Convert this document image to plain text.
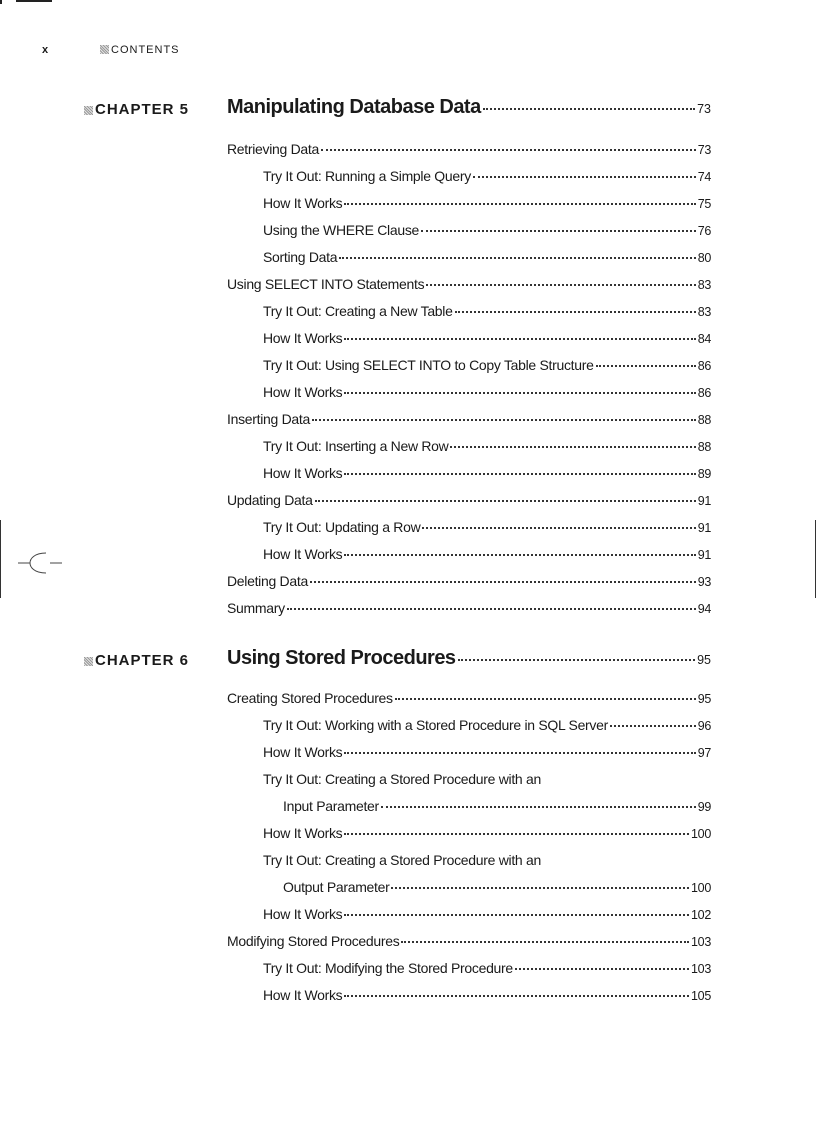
x	CONTENTS
CHAPTER 5 Manipulating Database Data	73
Retrieving Data	73
Try It Out: Running a Simple Query	74
How It Works	75
Using the WHERE Clause	76
Sorting Data	80
Using SELECT INTO Statements	83
Try It Out: Creating a New Table	83
How It Works	84
Try It Out: Using SELECT INTO to Copy Table Structure	86
How It Works	86
Inserting Data	88
Try It Out: Inserting a New Row	88
How It Works	89
Updating Data	91
Try It Out: Updating a Row	91
How It Works	91
Deleting Data	93
Summary	94
CHAPTER 6 Using Stored Procedures	95
Creating Stored Procedures	95
Try It Out: Working with a Stored Procedure in SQL Server	96
How It Works	97
Try It Out: Creating a Stored Procedure with an
Input Parameter	99
How It Works	100
Try It Out: Creating a Stored Procedure with an
Output Parameter	100
How It Works	102
Modifying Stored Procedures	103
Try It Out: Modifying the Stored Procedure	103
How It Works	105
